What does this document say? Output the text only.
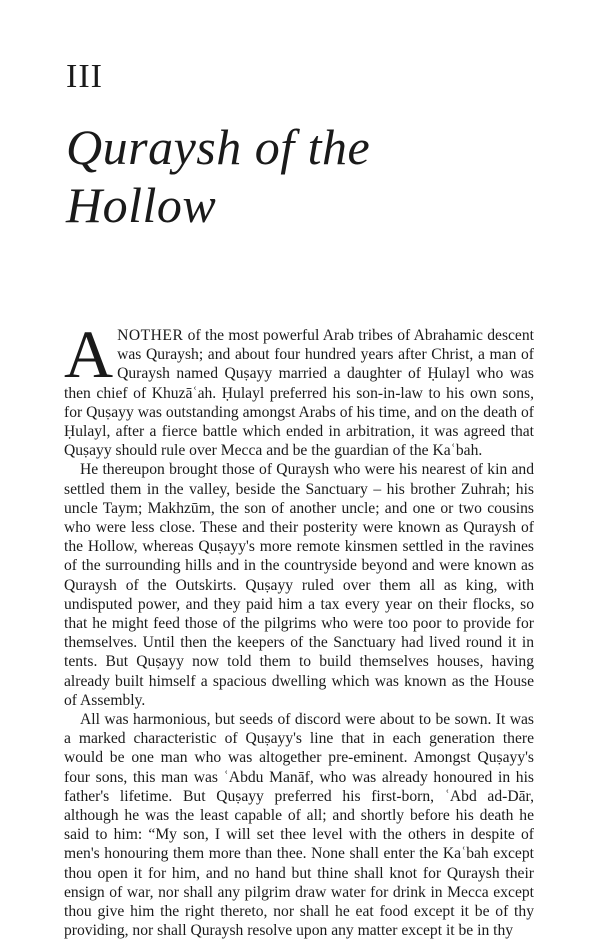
III
Quraysh of the
Hollow

ANOTHER of the most powerful Arab tribes of Abrahamic descent was Quraysh; and about four hundred years after Christ, a man of Quraysh named Quṣayy married a daughter of Ḥulayl who was then chief of Khuzāʿah. Ḥulayl preferred his son-in-law to his own sons, for Quṣayy was outstanding amongst Arabs of his time, and on the death of Ḥulayl, after a fierce battle which ended in arbitration, it was agreed that Quṣayy should rule over Mecca and be the guardian of the Kaʿbah.

He thereupon brought those of Quraysh who were his nearest of kin and settled them in the valley, beside the Sanctuary – his brother Zuhrah; his uncle Taym; Makhzūm, the son of another uncle; and one or two cousins who were less close. These and their posterity were known as Quraysh of the Hollow, whereas Quṣayy's more remote kinsmen settled in the ravines of the surrounding hills and in the countryside beyond and were known as Quraysh of the Outskirts. Quṣayy ruled over them all as king, with undisputed power, and they paid him a tax every year on their flocks, so that he might feed those of the pilgrims who were too poor to provide for themselves. Until then the keepers of the Sanctuary had lived round it in tents. But Quṣayy now told them to build themselves houses, having already built himself a spacious dwelling which was known as the House of Assembly.

All was harmonious, but seeds of discord were about to be sown. It was a marked characteristic of Quṣayy's line that in each generation there would be one man who was altogether pre-eminent. Amongst Quṣayy's four sons, this man was ʿAbdu Manāf, who was already honoured in his father's lifetime. But Quṣayy preferred his first-born, ʿAbd ad-Dār, although he was the least capable of all; and shortly before his death he said to him: “My son, I will set thee level with the others in despite of men's honouring them more than thee. None shall enter the Kaʿbah except thou open it for him, and no hand but thine shall knot for Quraysh their ensign of war, nor shall any pilgrim draw water for drink in Mecca except thou give him the right thereto, nor shall he eat food except it be of thy providing, nor shall Quraysh resolve upon any matter except it be in thy
